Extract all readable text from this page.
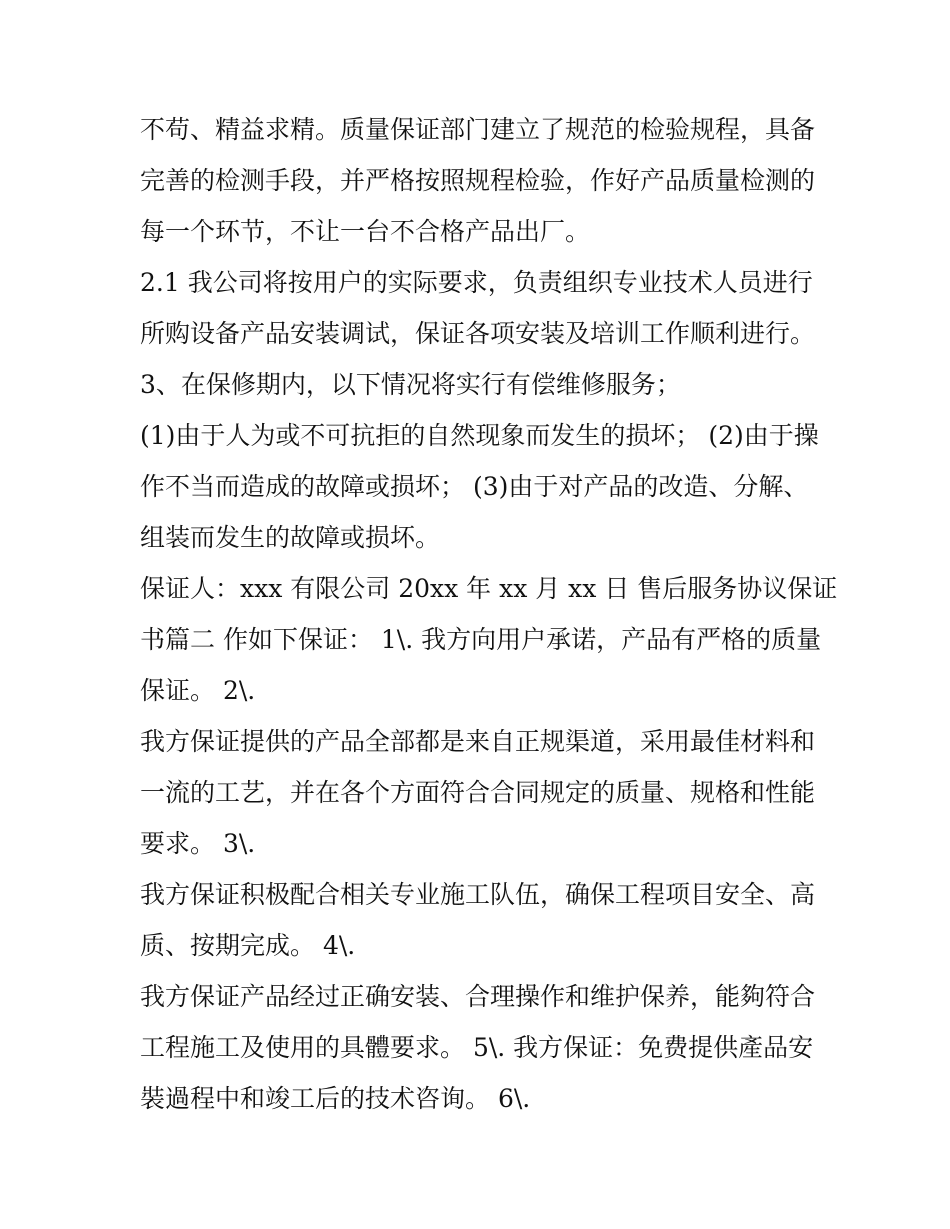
不苟、精益求精。质量保证部门建立了规范的检验规程，具备
完善的检测手段，并严格按照规程检验，作好产品质量检测的
每一个环节，不让一台不合格产品出厂。

2.1 我公司将按用户的实际要求，负责组织专业技术人员进行
所购设备产品安装调试，保证各项安装及培训工作顺利进行。

3、在保修期内，以下情况将实行有偿维修服务；

(1)由于人为或不可抗拒的自然现象而发生的损坏； (2)由于操
作不当而造成的故障或损坏； (3)由于对产品的改造、分解、
组装而发生的故障或损坏。

保证人：xxx 有限公司 20xx 年 xx 月 xx 日 售后服务协议保证
书篇二 作如下保证： 1\. 我方向用户承诺，产品有严格的质量
保证。 2\.

我方保证提供的产品全部都是来自正规渠道，采用最佳材料和
一流的工艺，并在各个方面符合合同规定的质量、规格和性能
要求。 3\.

我方保证积极配合相关专业施工队伍，确保工程项目安全、高
质、按期完成。 4\.

我方保证产品经过正确安装、合理操作和维护保养，能夠符合
工程施工及使用的具體要求。 5\. 我方保证：免费提供產品安
裝過程中和竣工后的技术咨询。 6\.
